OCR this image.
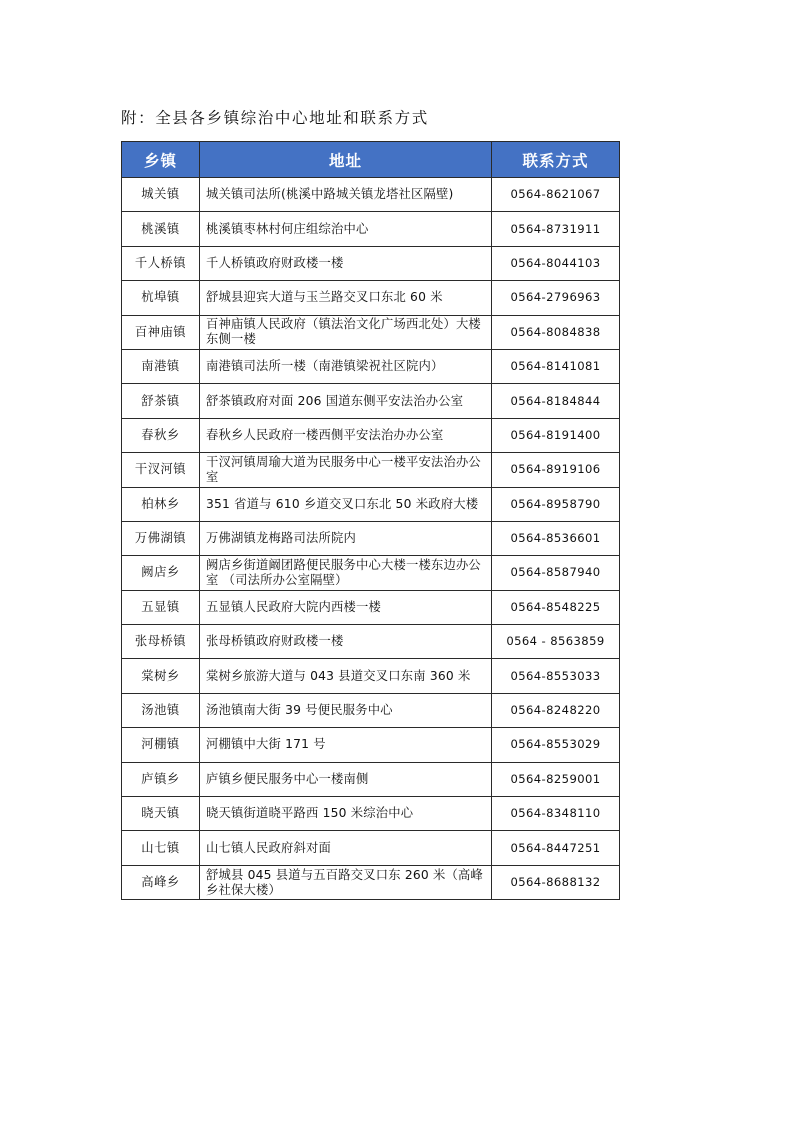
附：全县各乡镇综治中心地址和联系方式
乡镇	地址	联系方式
城关镇	城关镇司法所(桃溪中路城关镇龙塔社区隔壁)	0564-8621067
桃溪镇	桃溪镇枣林村何庄组综治中心	0564-8731911
千人桥镇	千人桥镇政府财政楼一楼	0564-8044103
杭埠镇	舒城县迎宾大道与玉兰路交叉口东北 60 米	0564-2796963
百神庙镇	百神庙镇人民政府（镇法治文化广场西北处）大楼东侧一楼	0564-8084838
南港镇	南港镇司法所一楼（南港镇梁祝社区院内）	0564-8141081
舒茶镇	舒茶镇政府对面 206 国道东侧平安法治办公室	0564-8184844
春秋乡	春秋乡人民政府一楼西侧平安法治办办公室	0564-8191400
干汊河镇	干汊河镇周瑜大道为民服务中心一楼平安法治办公室	0564-8919106
柏林乡	351 省道与 610 乡道交叉口东北 50 米政府大楼	0564-8958790
万佛湖镇	万佛湖镇龙梅路司法所院内	0564-8536601
阙店乡	阙店乡街道阚团路便民服务中心大楼一楼东边办公室 （司法所办公室隔壁）	0564-8587940
五显镇	五显镇人民政府大院内西楼一楼	0564-8548225
张母桥镇	张母桥镇政府财政楼一楼	0564 - 8563859
棠树乡	棠树乡旅游大道与 043 县道交叉口东南 360 米	0564-8553033
汤池镇	汤池镇南大街 39 号便民服务中心	0564-8248220
河棚镇	河棚镇中大街 171 号	0564-8553029
庐镇乡	庐镇乡便民服务中心一楼南侧	0564-8259001
晓天镇	晓天镇街道晓平路西 150 米综治中心	0564-8348110
山七镇	山七镇人民政府斜对面	0564-8447251
高峰乡	舒城县 045 县道与五百路交叉口东 260 米（高峰乡社保大楼）	0564-8688132
